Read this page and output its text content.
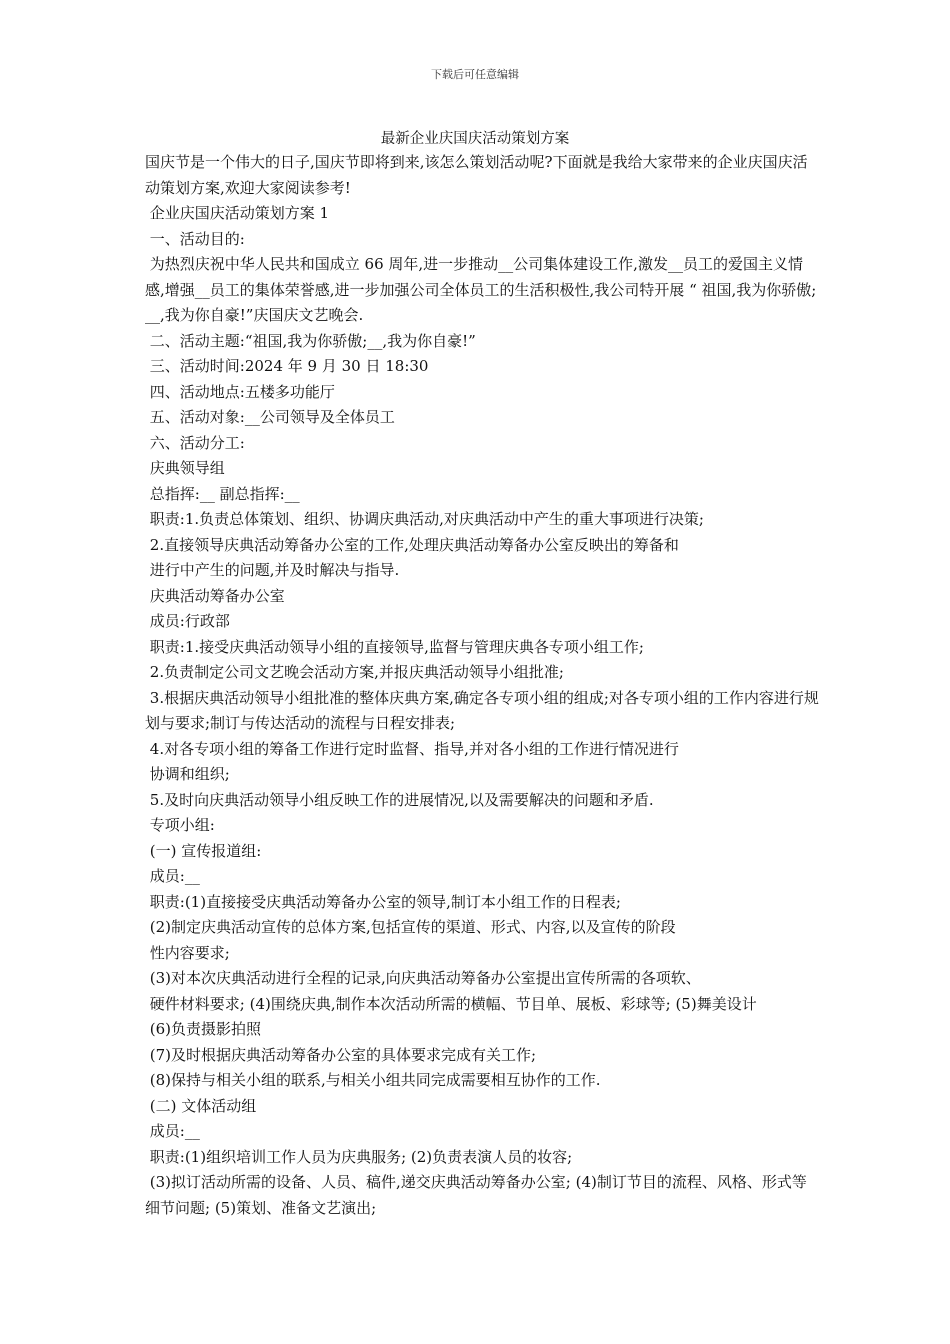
下载后可任意编辑
最新企业庆国庆活动策划方案

国庆节是一个伟大的日子,国庆节即将到来,该怎么策划活动呢?下面就是我给大家带来的企业庆国庆活动策划方案,欢迎大家阅读参考!

企业庆国庆活动策划方案 1

一、活动目的:

为热烈庆祝中华人民共和国成立 66 周年,进一步推动__公司集体建设工作,激发__员工的爱国主义情感,增强__员工的集体荣誉感,进一步加强公司全体员工的生活积极性,我公司特开展 “ 祖国,我为你骄傲;__,我为你自豪!”庆国庆文艺晚会.

二、活动主题:“祖国,我为你骄傲;__,我为你自豪!”

三、活动时间:2024 年 9 月 30 日 18:30

四、活动地点:五楼多功能厅

五、活动对象:__公司领导及全体员工

六、活动分工:

庆典领导组

总指挥:__ 副总指挥:__

职责:1.负责总体策划、组织、协调庆典活动,对庆典活动中产生的重大事项进行决策;

2.直接领导庆典活动筹备办公室的工作,处理庆典活动筹备办公室反映出的筹备和

进行中产生的问题,并及时解决与指导.

庆典活动筹备办公室

成员:行政部

职责:1.接受庆典活动领导小组的直接领导,监督与管理庆典各专项小组工作;

2.负责制定公司文艺晚会活动方案,并报庆典活动领导小组批准;

3.根据庆典活动领导小组批准的整体庆典方案,确定各专项小组的组成;对各专项小组的工作内容进行规划与要求;制订与传达活动的流程与日程安排表;

4.对各专项小组的筹备工作进行定时监督、指导,并对各小组的工作进行情况进行

协调和组织;

5.及时向庆典活动领导小组反映工作的进展情况,以及需要解决的问题和矛盾.

专项小组:

(一) 宣传报道组:

成员:__

职责:(1)直接接受庆典活动筹备办公室的领导,制订本小组工作的日程表;

(2)制定庆典活动宣传的总体方案,包括宣传的渠道、形式、内容,以及宣传的阶段

性内容要求;

(3)对本次庆典活动进行全程的记录,向庆典活动筹备办公室提出宣传所需的各项软、

硬件材料要求; (4)围绕庆典,制作本次活动所需的横幅、节目单、展板、彩球等; (5)舞美设计

(6)负责摄影拍照

(7)及时根据庆典活动筹备办公室的具体要求完成有关工作;

(8)保持与相关小组的联系,与相关小组共同完成需要相互协作的工作.

(二) 文体活动组

成员:__

职责:(1)组织培训工作人员为庆典服务; (2)负责表演人员的妆容;

(3)拟订活动所需的设备、人员、稿件,递交庆典活动筹备办公室; (4)制订节目的流程、风格、形式等细节问题; (5)策划、准备文艺演出;
